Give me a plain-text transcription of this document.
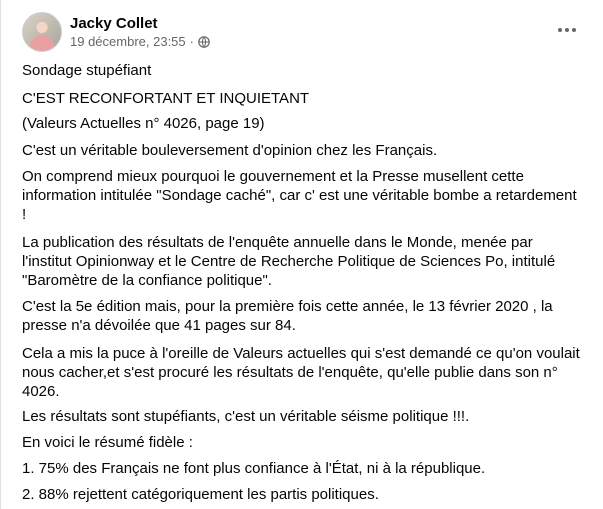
Jacky Collet
19 décembre, 23:55 ·
Sondage stupéfiant
C'EST RECONFORTANT ET INQUIETANT
(Valeurs Actuelles n° 4026, page 19)
C'est un véritable bouleversement d'opinion chez les Français.
On comprend mieux pourquoi le gouvernement et la Presse musellent cette
information intitulée "Sondage caché", car c' est une véritable bombe a retardement
!
La publication des résultats de l'enquête annuelle dans le Monde, menée par
l'institut Opinionway et le Centre de Recherche Politique de Sciences Po, intitulé
"Baromètre de la confiance politique".
C'est la 5e édition mais, pour la première fois cette année, le 13 février 2020 , la
presse n'a dévoilée que 41 pages sur 84.
Cela a mis la puce à l'oreille de Valeurs actuelles qui s'est demandé ce qu'on voulait
nous cacher,et s'est procuré les résultats de l'enquête, qu'elle publie dans son n°
4026.
Les résultats sont stupéfiants, c'est un véritable séisme politique !!!.
En voici le résumé fidèle :
1. 75% des Français ne font plus confiance à l'État, ni à la république.
2. 88% rejettent catégoriquement les partis politiques.
